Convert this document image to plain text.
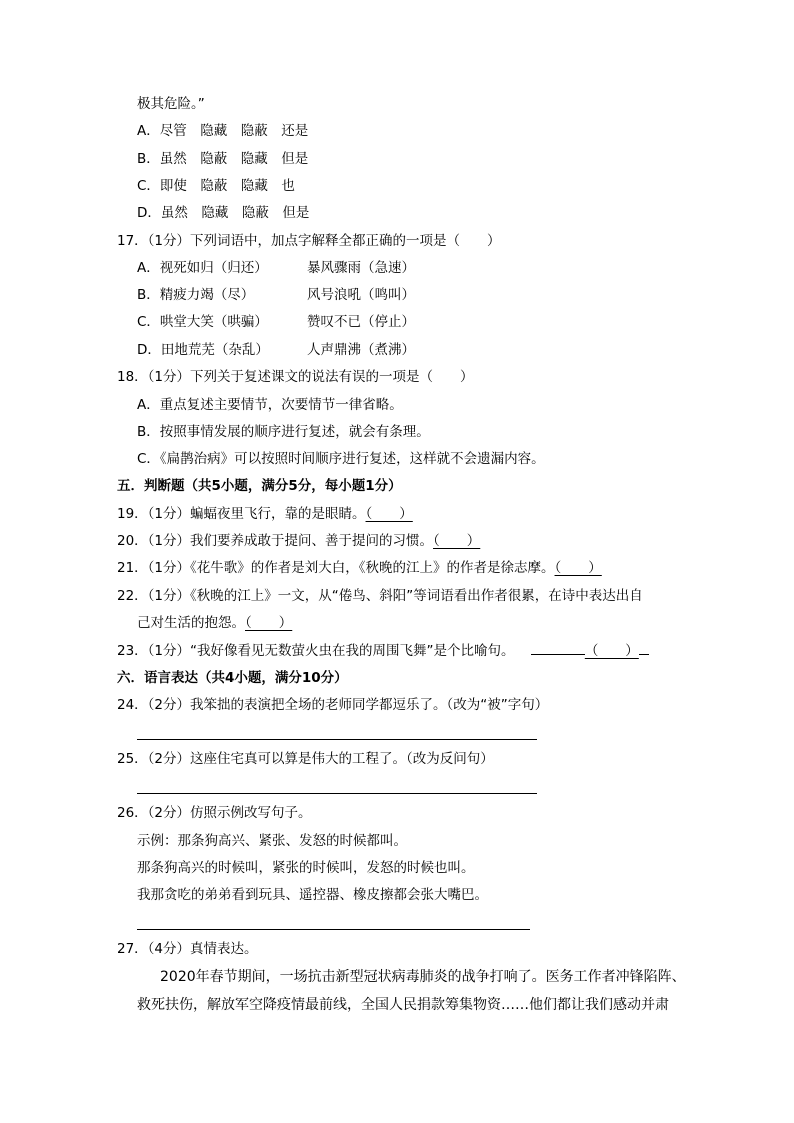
极其危险。”
A．尽管　隐藏　隐蔽　还是
B．虽然　隐蔽　隐藏　但是
C．即使　隐蔽　隐藏　也
D．虽然　隐藏　隐蔽　但是
17．（1分）下列词语中，加点字解释全都正确的一项是（　　）
A．视死如归（归还）	暴风骤雨（急速）
B．精疲力竭（尽）	风号浪吼（鸣叫）
C．哄堂大笑（哄骗）	赞叹不已（停止）
D．田地荒芜（杂乱）	人声鼎沸（煮沸）
18．（1分）下列关于复述课文的说法有误的一项是（　　）
A．重点复述主要情节，次要情节一律省略。
B．按照事情发展的顺序进行复述，就会有条理。
C．《扁鹊治病》可以按照时间顺序进行复述，这样就不会遗漏内容。
五．判断题（共5小题，满分5分，每小题1分）
19．（1分）蝙蝠夜里飞行，靠的是眼睛。（　　）
20．（1分）我们要养成敢于提问、善于提问的习惯。（　　）
21．（1分）《花牛歌》的作者是刘大白，《秋晚的江上》的作者是徐志摩。（　　）
22．（1分）《秋晚的江上》一文，从“倦鸟、斜阳”等词语看出作者很累，在诗中表达出自
己对生活的抱怨。（　　）
23．（1分）“我好像看见无数萤火虫在我的周围飞舞”是个比喻句。	（　　）
六．语言表达（共4小题，满分10分）
24．（2分）我笨拙的表演把全场的老师同学都逗乐了。（改为“被”字句）
25．（2分）这座住宅真可以算是伟大的工程了。（改为反问句）
26．（2分）仿照示例改写句子。
示例：那条狗高兴、紧张、发怒的时候都叫。
那条狗高兴的时候叫，紧张的时候叫，发怒的时候也叫。
我那贪吃的弟弟看到玩具、遥控器、橡皮擦都会张大嘴巴。
27．（4分）真情表达。
2020年春节期间，一场抗击新型冠状病毒肺炎的战争打响了。医务工作者冲锋陷阵、
救死扶伤，解放军空降疫情最前线，全国人民捐款筹集物资……他们都让我们感动并肃
